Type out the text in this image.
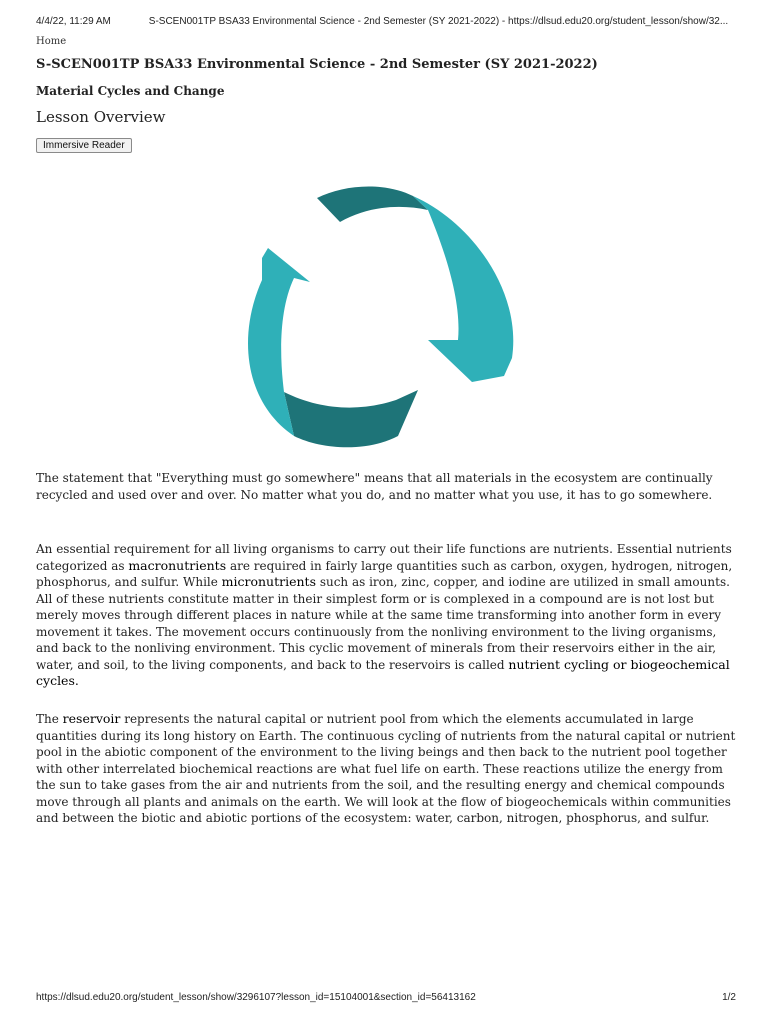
4/4/22, 11:29 AM	S-SCEN001TP BSA33 Environmental Science - 2nd Semester (SY 2021-2022) - https://dlsud.edu20.org/student_lesson/show/32...
Home
S-SCEN001TP BSA33 Environmental Science - 2nd Semester (SY 2021-2022)
Material Cycles and Change
Lesson Overview
Immersive Reader

The statement that "Everything must go somewhere" means that all materials in the ecosystem are continually recycled and used over and over. No matter what you do, and no matter what you use, it has to go somewhere.

An essential requirement for all living organisms to carry out their life functions are nutrients. Essential nutrients categorized as macronutrients are required in fairly large quantities such as carbon, oxygen, hydrogen, nitrogen, phosphorus, and sulfur. While micronutrients such as iron, zinc, copper, and iodine are utilized in small amounts. All of these nutrients constitute matter in their simplest form or is complexed in a compound are is not lost but merely moves through different places in nature while at the same time transforming into another form in every movement it takes. The movement occurs continuously from the nonliving environment to the living organisms, and back to the nonliving environment. This cyclic movement of minerals from their reservoirs either in the air, water, and soil, to the living components, and back to the reservoirs is called nutrient cycling or biogeochemical cycles.

The reservoir represents the natural capital or nutrient pool from which the elements accumulated in large quantities during its long history on Earth. The continuous cycling of nutrients from the natural capital or nutrient pool in the abiotic component of the environment to the living beings and then back to the nutrient pool together with other interrelated biochemical reactions are what fuel life on earth. These reactions utilize the energy from the sun to take gases from the air and nutrients from the soil, and the resulting energy and chemical compounds move through all plants and animals on the earth. We will look at the flow of biogeochemicals within communities and between the biotic and abiotic portions of the ecosystem: water, carbon, nitrogen, phosphorus, and sulfur.

https://dlsud.edu20.org/student_lesson/show/3296107?lesson_id=15104001&section_id=56413162	1/2
